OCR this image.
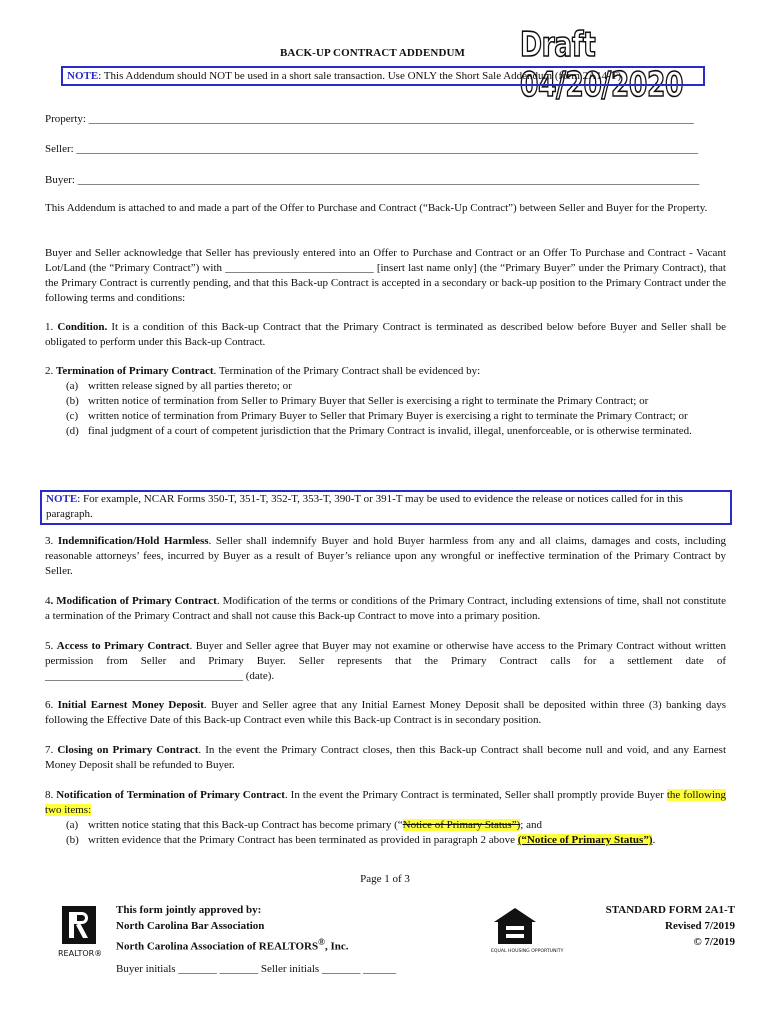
BACK-UP CONTRACT ADDENDUM Draft 04/20/2020
NOTE: This Addendum should NOT be used in a short sale transaction. Use ONLY the Short Sale Addendum (form 2A14-T)
Property: ______________________________________________________________________________________________________________
Seller: _________________________________________________________________________________________________________________
Buyer: _________________________________________________________________________________________________________________
This Addendum is attached to and made a part of the Offer to Purchase and Contract (“Back-Up Contract”) between Seller and Buyer for the Property.
Buyer and Seller acknowledge that Seller has previously entered into an Offer to Purchase and Contract or an Offer To Purchase and Contract - Vacant Lot/Land (the “Primary Contract”) with ___________________________ [insert last name only] (the “Primary Buyer” under the Primary Contract), that the Primary Contract is currently pending, and that this Back-up Contract is accepted in a secondary or back-up position to the Primary Contract under the following terms and conditions:
1. Condition. It is a condition of this Back-up Contract that the Primary Contract is terminated as described below before Buyer and Seller shall be obligated to perform under this Back-up Contract.
2. Termination of Primary Contract. Termination of the Primary Contract shall be evidenced by:
(a) written release signed by all parties thereto; or
(b) written notice of termination from Seller to Primary Buyer that Seller is exercising a right to terminate the Primary Contract; or
(c) written notice of termination from Primary Buyer to Seller that Primary Buyer is exercising a right to terminate the Primary Contract; or
(d) final judgment of a court of competent jurisdiction that the Primary Contract is invalid, illegal, unenforceable, or is otherwise terminated.
NOTE: For example, NCAR Forms 350-T, 351-T, 352-T, 353-T, 390-T or 391-T may be used to evidence the release or notices called for in this paragraph.
3. Indemnification/Hold Harmless. Seller shall indemnify Buyer and hold Buyer harmless from any and all claims, damages and costs, including reasonable attorneys’ fees, incurred by Buyer as a result of Buyer’s reliance upon any wrongful or ineffective termination of the Primary Contract by Seller.
4. Modification of Primary Contract. Modification of the terms or conditions of the Primary Contract, including extensions of time, shall not constitute a termination of the Primary Contract and shall not cause this Back-up Contract to move into a primary position.
5. Access to Primary Contract. Buyer and Seller agree that Buyer may not examine or otherwise have access to the Primary Contract without written permission from Seller and Primary Buyer. Seller represents that the Primary Contract calls for a settlement date of ____________________________________ (date).
6. Initial Earnest Money Deposit. Buyer and Seller agree that any Initial Earnest Money Deposit shall be deposited within three (3) banking days following the Effective Date of this Back-up Contract even while this Back-up Contract is in secondary position.
7. Closing on Primary Contract. In the event the Primary Contract closes, then this Back-up Contract shall become null and void, and any Earnest Money Deposit shall be refunded to Buyer.
8. Notification of Termination of Primary Contract. In the event the Primary Contract is terminated, Seller shall promptly provide Buyer the following two items:
(a) written notice stating that this Back-up Contract has become primary (“Notice of Primary Status”); and
(b) written evidence that the Primary Contract has been terminated as provided in paragraph 2 above (“Notice of Primary Status”).
Page 1 of 3
REALTOR®
This form jointly approved by:
North Carolina Bar Association
North Carolina Association of REALTORS®, Inc.	EQUAL HOUSING OPPORTUNITY
STANDARD FORM 2A1-T
Revised 7/2019
© 7/2019
Buyer initials _______ _______ Seller initials _______ ______
